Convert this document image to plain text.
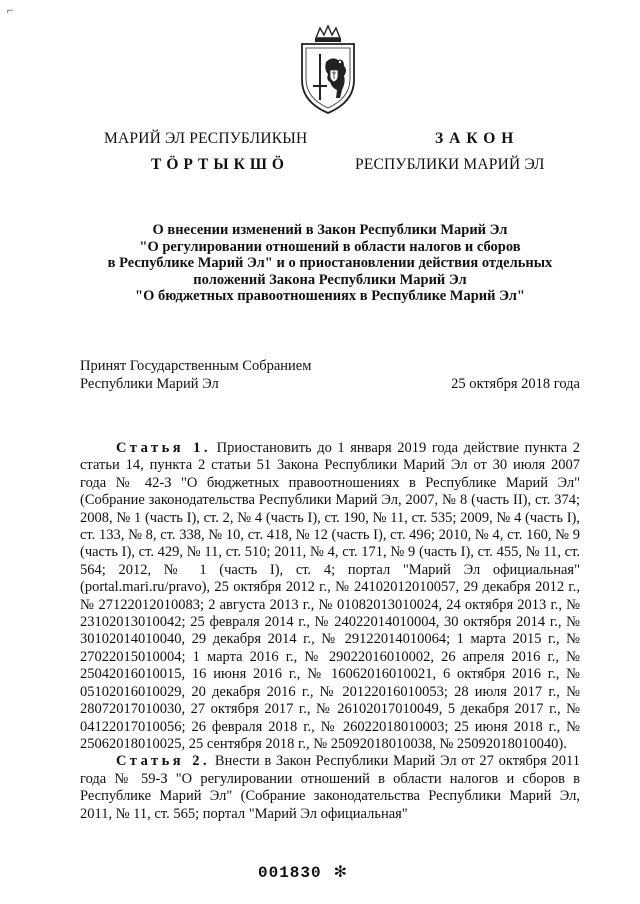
⌐
МАРИЙ ЭЛ РЕСПУБЛИКЫН
ТӦРТЫКШӦ
ЗАКОН
РЕСПУБЛИКИ МАРИЙ ЭЛ
О внесении изменений в Закон Республики Марий Эл
"О регулировании отношений в области налогов и сборов
в Республике Марий Эл" и о приостановлении действия отдельных
положений Закона Республики Марий Эл
"О бюджетных правоотношениях в Республике Марий Эл"
Принят Государственным Собранием
Республики Марий Эл	25 октября 2018 года

Статья 1. Приостановить до 1 января 2019 года действие пункта 2 статьи 14, пункта 2 статьи 51 Закона Республики Марий Эл от 30 июля 2007 года № 42-З "О бюджетных правоотношениях в Республике Марий Эл" (Собрание законодательства Республики Марий Эл, 2007, № 8 (часть II), ст. 374; 2008, № 1 (часть I), ст. 2, № 4 (часть I), ст. 190, № 11, ст. 535; 2009, № 4 (часть I), ст. 133, № 8, ст. 338, № 10, ст. 418, № 12 (часть I), ст. 496; 2010, № 4, ст. 160, № 9 (часть I), ст. 429, № 11, ст. 510; 2011, № 4, ст. 171, № 9 (часть I), ст. 455, № 11, ст. 564; 2012, № 1 (часть I), ст. 4; портал "Марий Эл официальная" (portal.mari.ru/pravo), 25 октября 2012 г., № 24102012010057, 29 декабря 2012 г., № 27122012010083; 2 августа 2013 г., № 01082013010024, 24 октября 2013 г., № 23102013010042; 25 февраля 2014 г., № 24022014010004, 30 октября 2014 г., № 30102014010040, 29 декабря 2014 г., № 29122014010064; 1 марта 2015 г., № 27022015010004; 1 марта 2016 г., № 29022016010002, 26 апреля 2016 г., № 25042016010015, 16 июня 2016 г., № 16062016010021, 6 октября 2016 г., № 05102016010029, 20 декабря 2016 г., № 20122016010053; 28 июля 2017 г., № 28072017010030, 27 октября 2017 г., № 26102017010049, 5 декабря 2017 г., № 04122017010056; 26 февраля 2018 г., № 26022018010003; 25 июня 2018 г., № 25062018010025, 25 сентября 2018 г., № 25092018010038, № 25092018010040).

Статья 2. Внести в Закон Республики Марий Эл от 27 октября 2011 года № 59-З "О регулировании отношений в области налогов и сборов в Республике Марий Эл" (Собрание законодательства Республики Марий Эл, 2011, № 11, ст. 565; портал "Марий Эл официальная"

001830 ✻
